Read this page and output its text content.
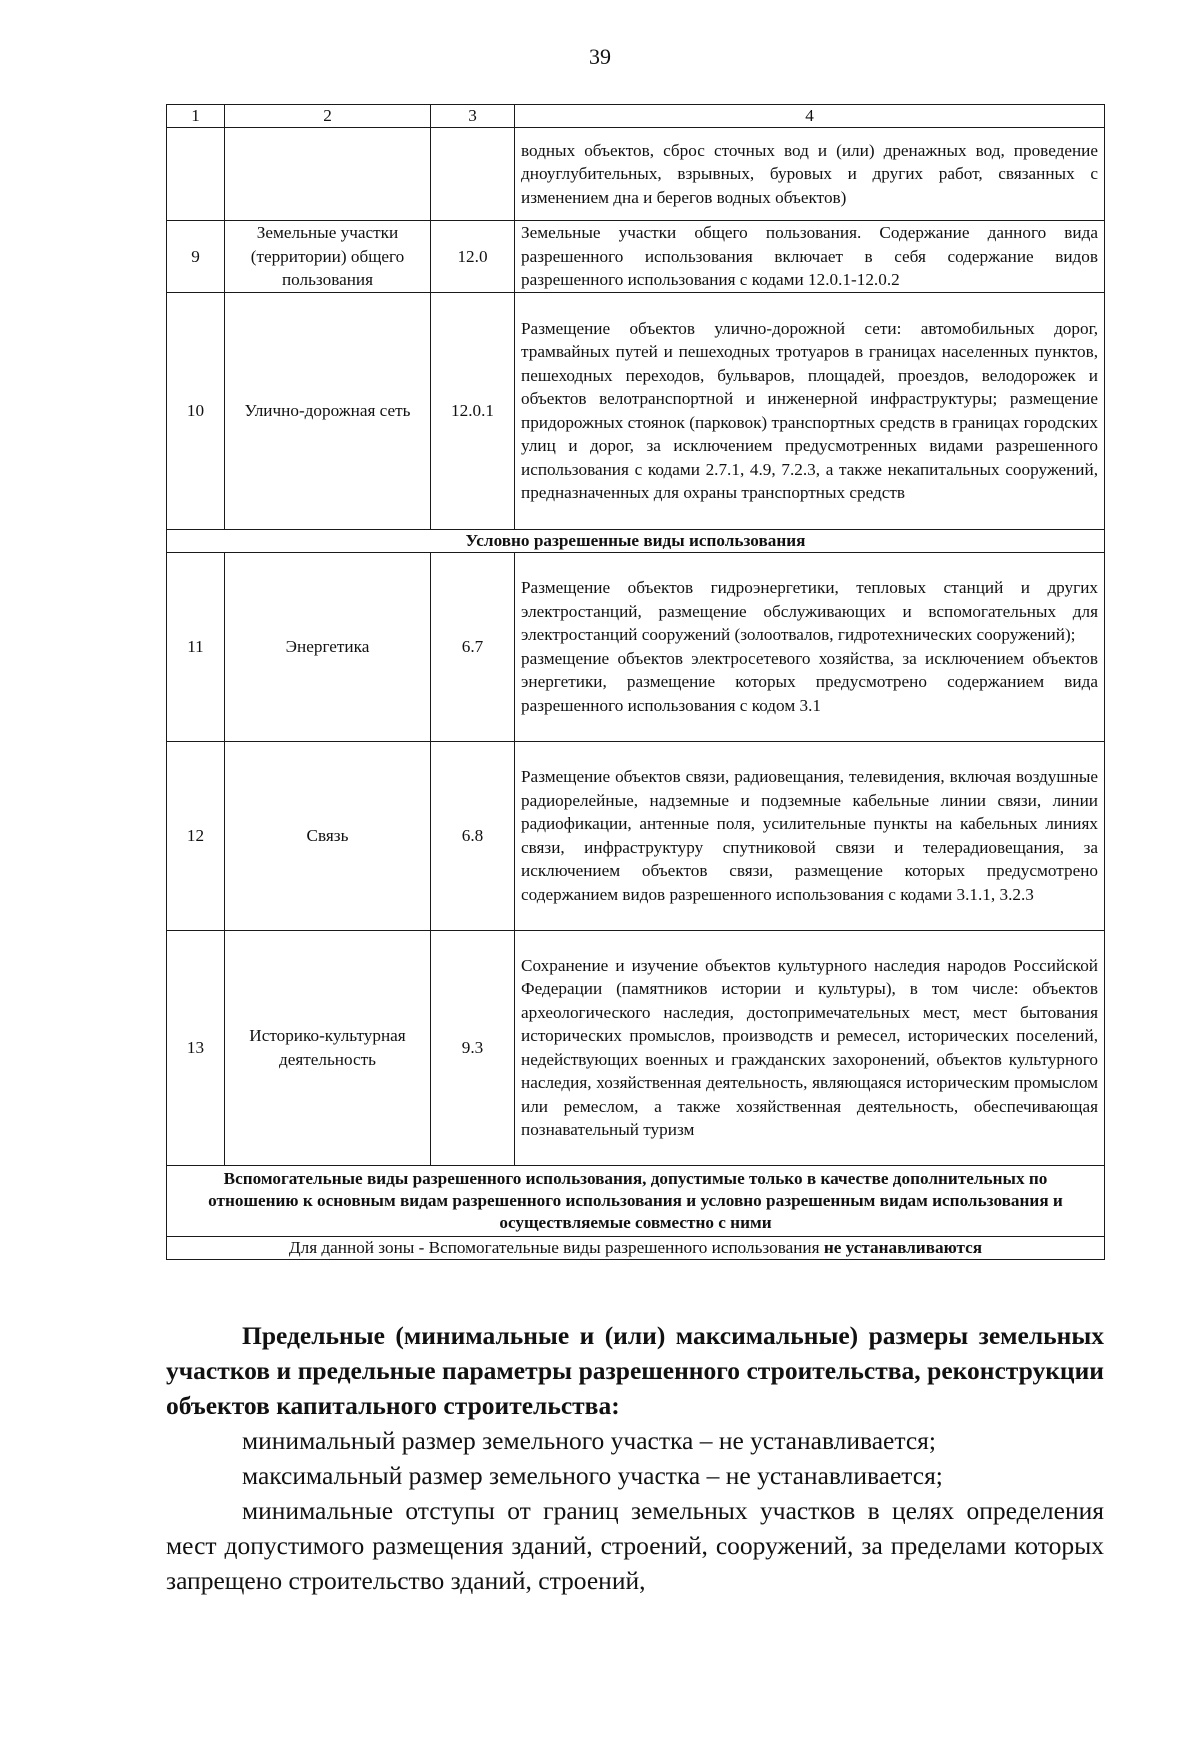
39
1	2	3	4
			водных объектов, сброс сточных вод и (или) дренажных вод, проведение дноуглубительных, взрывных, буровых и других работ, связанных с изменением дна и берегов водных объектов)
9	Земельные участки (территории) общего пользования	12.0	Земельные участки общего пользования. Содержание данного вида разрешенного использования включает в себя содержание видов разрешенного использования с кодами 12.0.1-12.0.2
10	Улично-дорожная сеть	12.0.1	Размещение объектов улично-дорожной сети: автомобильных дорог, трамвайных путей и пешеходных тротуаров в границах населенных пунктов, пешеходных переходов, бульваров, площадей, проездов, велодорожек и объектов велотранспортной и инженерной инфраструктуры; размещение придорожных стоянок (парковок) транспортных средств в границах городских улиц и дорог, за исключением предусмотренных видами разрешенного использования с кодами 2.7.1, 4.9, 7.2.3, а также некапитальных сооружений, предназначенных для охраны транспортных средств
Условно разрешенные виды использования			
11	Энергетика	6.7	Размещение объектов гидроэнергетики, тепловых станций и других электростанций, размещение обслуживающих и вспомогательных для электростанций сооружений (золоотвалов, гидротехнических сооружений);
размещение объектов электросетевого хозяйства, за исключением объектов энергетики, размещение которых предусмотрено содержанием вида разрешенного использования с кодом 3.1

12	Связь	6.8	Размещение объектов связи, радиовещания, телевидения, включая воздушные радиорелейные, надземные и подземные кабельные линии связи, линии радиофикации, антенные поля, усилительные пункты на кабельных линиях связи, инфраструктуру спутниковой связи и телерадиовещания, за исключением объектов связи, размещение которых предусмотрено содержанием видов разрешенного использования с кодами 3.1.1, 3.2.3
13	Историко-культурная деятельность	9.3	Сохранение и изучение объектов культурного наследия народов Российской Федерации (памятников истории и культуры), в том числе: объектов археологического наследия, достопримечательных мест, мест бытования исторических промыслов, производств и ремесел, исторических поселений, недействующих военных и гражданских захоронений, объектов культурного наследия, хозяйственная деятельность, являющаяся историческим промыслом или ремеслом, а также хозяйственная деятельность, обеспечивающая познавательный туризм
Вспомогательные виды разрешенного использования, допустимые только в качестве дополнительных по отношению к основным видам разрешенного использования и условно разрешенным видам использования и осуществляемые совместно с ними			
Для данной зоны - Вспомогательные виды разрешенного использования не устанавливаются			

Предельные (минимальные и (или) максимальные) размеры земельных участков и предельные параметры разрешенного строительства, реконструкции объектов капитального строительства:

минимальный размер земельного участка – не устанавливается;

максимальный размер земельного участка – не устанавливается;

минимальные отступы от границ земельных участков в целях определения мест допустимого размещения зданий, строений, сооружений, за пределами которых запрещено строительство зданий, строений,
